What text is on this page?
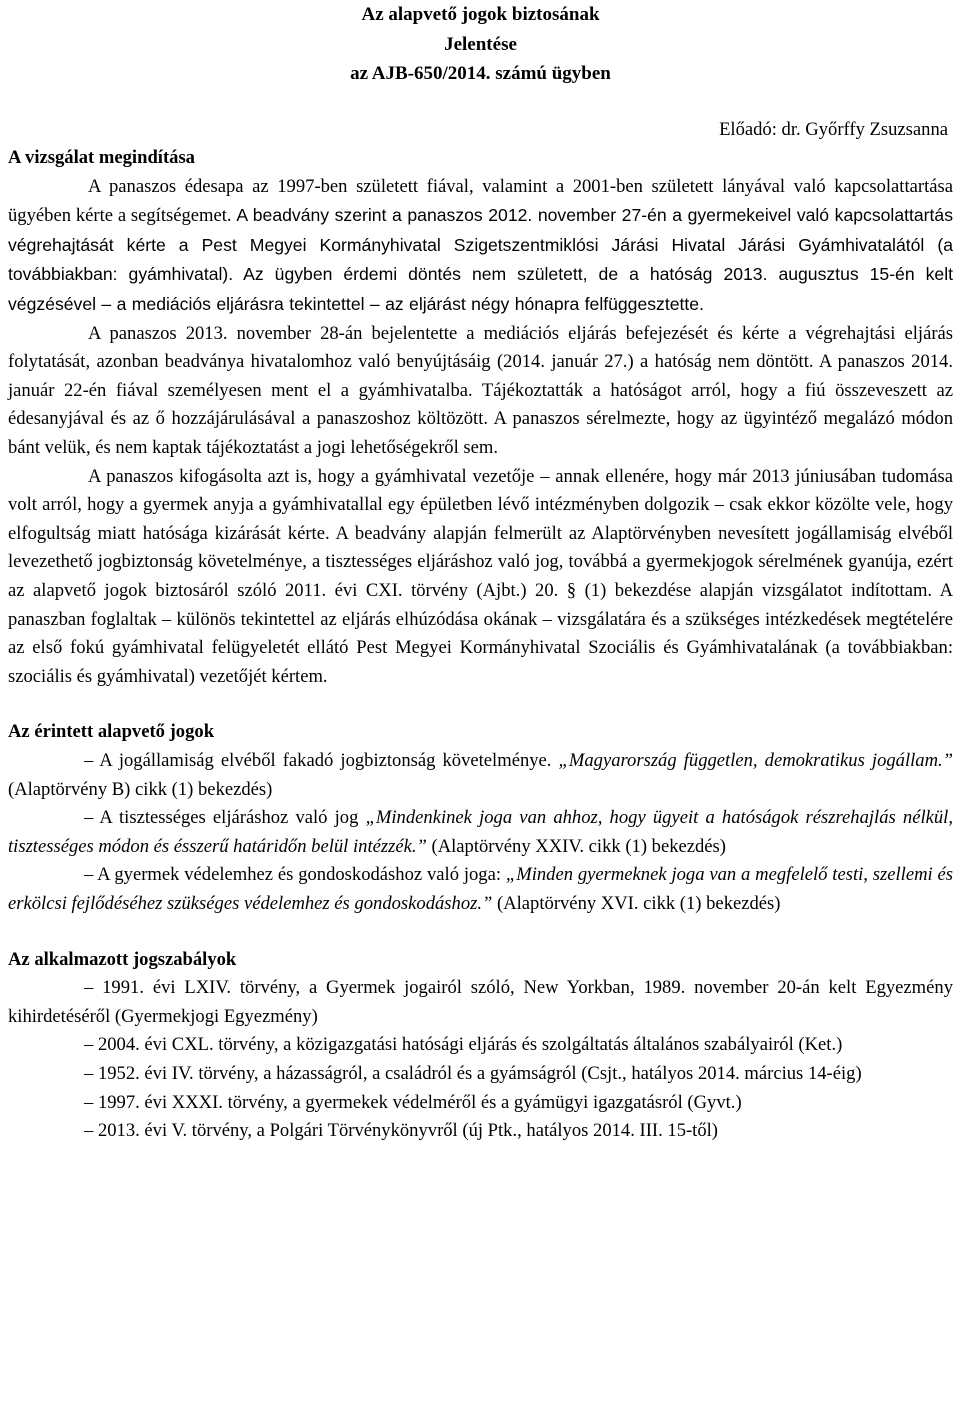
Az alapvető jogok biztosának
Jelentése
az AJB-650/2014. számú ügyben
Előadó: dr. Győrffy Zsuzsanna
A vizsgálat megindítása

A panaszos édesapa az 1997-ben született fiával, valamint a 2001-ben született lányával való kapcsolattartása ügyében kérte a segítségemet. A beadvány szerint a panaszos 2012. november 27-én a gyermekeivel való kapcsolattartás végrehajtását kérte a Pest Megyei Kormányhivatal Szigetszentmiklósi Járási Hivatal Járási Gyámhivatalától (a továbbiakban: gyámhivatal). Az ügyben érdemi döntés nem született, de a hatóság 2013. augusztus 15-én kelt végzésével – a mediációs eljárásra tekintettel – az eljárást négy hónapra felfüggesztette.

A panaszos 2013. november 28-án bejelentette a mediációs eljárás befejezését és kérte a végrehajtási eljárás folytatását, azonban beadványa hivatalomhoz való benyújtásáig (2014. január 27.) a hatóság nem döntött. A panaszos 2014. január 22-én fiával személyesen ment el a gyámhivatalba. Tájékoztatták a hatóságot arról, hogy a fiú összeveszett az édesanyjával és az ő hozzájárulásával a panaszoshoz költözött. A panaszos sérelmezte, hogy az ügyintéző megalázó módon bánt velük, és nem kaptak tájékoztatást a jogi lehetőségekről sem.

A panaszos kifogásolta azt is, hogy a gyámhivatal vezetője – annak ellenére, hogy már 2013 júniusában tudomása volt arról, hogy a gyermek anyja a gyámhivatallal egy épületben lévő intézményben dolgozik – csak ekkor közölte vele, hogy elfogultság miatt hatósága kizárását kérte. A beadvány alapján felmerült az Alaptörvényben nevesített jogállamiság elvéből levezethető jogbiztonság követelménye, a tisztességes eljáráshoz való jog, továbbá a gyermekjogok sérelmének gyanúja, ezért az alapvető jogok biztosáról szóló 2011. évi CXI. törvény (Ajbt.) 20. § (1) bekezdése alapján vizsgálatot indítottam. A panaszban foglaltak – különös tekintettel az eljárás elhúzódása okának – vizsgálatára és a szükséges intézkedések megtételére az első fokú gyámhivatal felügyeletét ellátó Pest Megyei Kormányhivatal Szociális és Gyámhivatalának (a továbbiakban: szociális és gyámhivatal) vezetőjét kértem.

Az érintett alapvető jogok

– A jogállamiság elvéből fakadó jogbiztonság követelménye. „Magyarország független, demokratikus jogállam.” (Alaptörvény B) cikk (1) bekezdés)

– A tisztességes eljáráshoz való jog „Mindenkinek joga van ahhoz, hogy ügyeit a hatóságok részrehajlás nélkül, tisztességes módon és ésszerű határidőn belül intézzék.” (Alaptörvény XXIV. cikk (1) bekezdés)

– A gyermek védelemhez és gondoskodáshoz való joga: „Minden gyermeknek joga van a megfelelő testi, szellemi és erkölcsi fejlődéséhez szükséges védelemhez és gondoskodáshoz.” (Alaptörvény XVI. cikk (1) bekezdés)

Az alkalmazott jogszabályok

– 1991. évi LXIV. törvény, a Gyermek jogairól szóló, New Yorkban, 1989. november 20-án kelt Egyezmény kihirdetéséről (Gyermekjogi Egyezmény)

– 2004. évi CXL. törvény, a közigazgatási hatósági eljárás és szolgáltatás általános szabályairól (Ket.)

– 1952. évi IV. törvény, a házasságról, a családról és a gyámságról (Csjt., hatályos 2014. március 14-éig)

– 1997. évi XXXI. törvény, a gyermekek védelméről és a gyámügyi igazgatásról (Gyvt.)

– 2013. évi V. törvény, a Polgári Törvénykönyvről (új Ptk., hatályos 2014. III. 15-től)
